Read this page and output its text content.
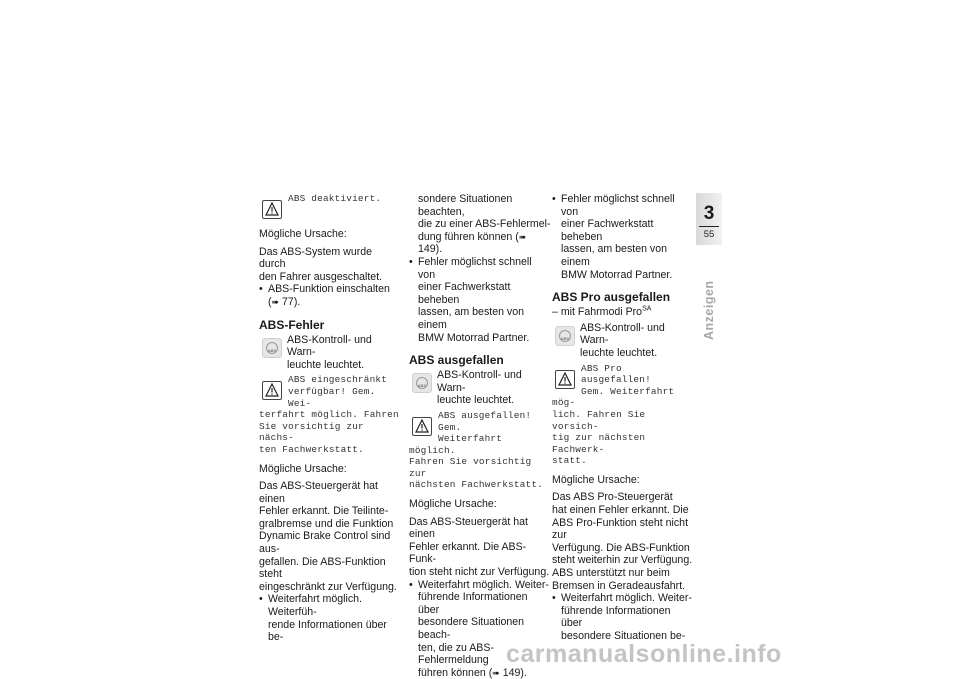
ABS deaktiviert.

Mögliche Ursache:

Das ABS-System wurde durch

den Fahrer ausgeschaltet.

• ABS-Funktion einschalten

(➠ 77).

ABS-Fehler
ABS
ABS-Kontroll- und Warn-
leuchte leuchtet.
ABS eingeschränkt
verfügbar! Gem. Wei-
terfahrt möglich. Fahren
Sie vorsichtig zur nächs-
ten Fachwerkstatt.

Mögliche Ursache:

Das ABS-Steuergerät hat einen

Fehler erkannt. Die Teilinte-

gralbremse und die Funktion

Dynamic Brake Control sind aus-

gefallen. Die ABS-Funktion steht

eingeschränkt zur Verfügung.

• Weiterfahrt möglich. Weiterfüh-

rende Informationen über be-

sondere Situationen beachten,

die zu einer ABS-Fehlermel-

dung führen können (➠ 149).

• Fehler möglichst schnell von

einer Fachwerkstatt beheben

lassen, am besten von einem

BMW Motorrad Partner.

ABS ausgefallen
ABS
ABS-Kontroll- und Warn-
leuchte leuchtet.
ABS ausgefallen! Gem.
Weiterfahrt möglich.
Fahren Sie vorsichtig zur
nächsten Fachwerkstatt.

Mögliche Ursache:

Das ABS-Steuergerät hat einen

Fehler erkannt. Die ABS-Funk-

tion steht nicht zur Verfügung.

• Weiterfahrt möglich. Weiter-

führende Informationen über

besondere Situationen beach-

ten, die zu ABS-Fehlermeldung

führen können (➠ 149).

• Fehler möglichst schnell von

einer Fachwerkstatt beheben

lassen, am besten von einem

BMW Motorrad Partner.

ABS Pro ausgefallen

– mit Fahrmodi Pro$^{SA}$

ABS
ABS-Kontroll- und Warn-
leuchte leuchtet.
ABS Pro ausgefallen!
Gem. Weiterfahrt mög-
lich. Fahren Sie vorsich-
tig zur nächsten Fachwerk-
statt.

Mögliche Ursache:

Das ABS Pro-Steuergerät

hat einen Fehler erkannt. Die

ABS Pro-Funktion steht nicht zur

Verfügung. Die ABS-Funktion

steht weiterhin zur Verfügung.

ABS unterstützt nur beim

Bremsen in Geradeausfahrt.

• Weiterfahrt möglich. Weiter-

führende Informationen über

besondere Situationen be-

3
55
Anzeigen
carmanualsonline.info
